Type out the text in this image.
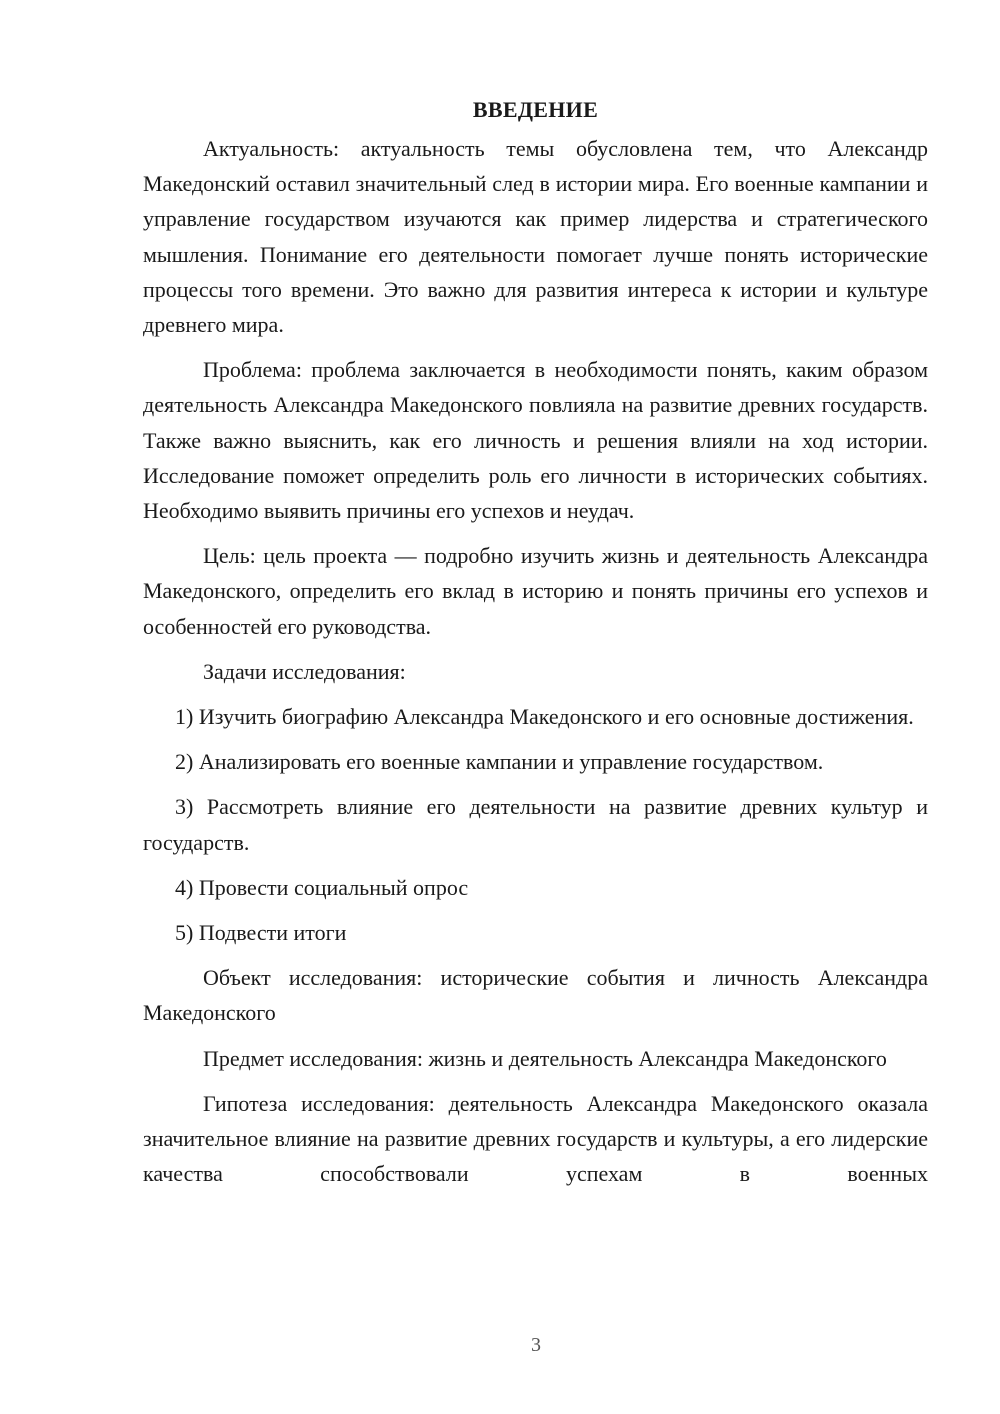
ВВЕДЕНИЕ

Актуальность: актуальность темы обусловлена тем, что Александр Македонский оставил значительный след в истории мира. Его военные кампании и управление государством изучаются как пример лидерства и стратегического мышления. Понимание его деятельности помогает лучше понять исторические процессы того времени. Это важно для развития интереса к истории и культуре древнего мира.

Проблема: проблема заключается в необходимости понять, каким образом деятельность Александра Македонского повлияла на развитие древних государств. Также важно выяснить, как его личность и решения влияли на ход истории. Исследование поможет определить роль его личности в исторических событиях. Необходимо выявить причины его успехов и неудач.

Цель: цель проекта — подробно изучить жизнь и деятельность Александра Македонского, определить его вклад в историю и понять причины его успехов и особенностей его руководства.

Задачи исследования:

1) Изучить биографию Александра Македонского и его основные достижения.

2) Анализировать его военные кампании и управление государством.

3) Рассмотреть влияние его деятельности на развитие древних культур и государств.

4) Провести социальный опрос

5) Подвести итоги

Объект исследования: исторические события и личность Александра Македонского

Предмет исследования: жизнь и деятельность Александра Македонского

Гипотеза исследования: деятельность Александра Македонского оказала значительное влияние на развитие древних государств и культуры, а его лидерские качества способствовали успехам в военных

3
